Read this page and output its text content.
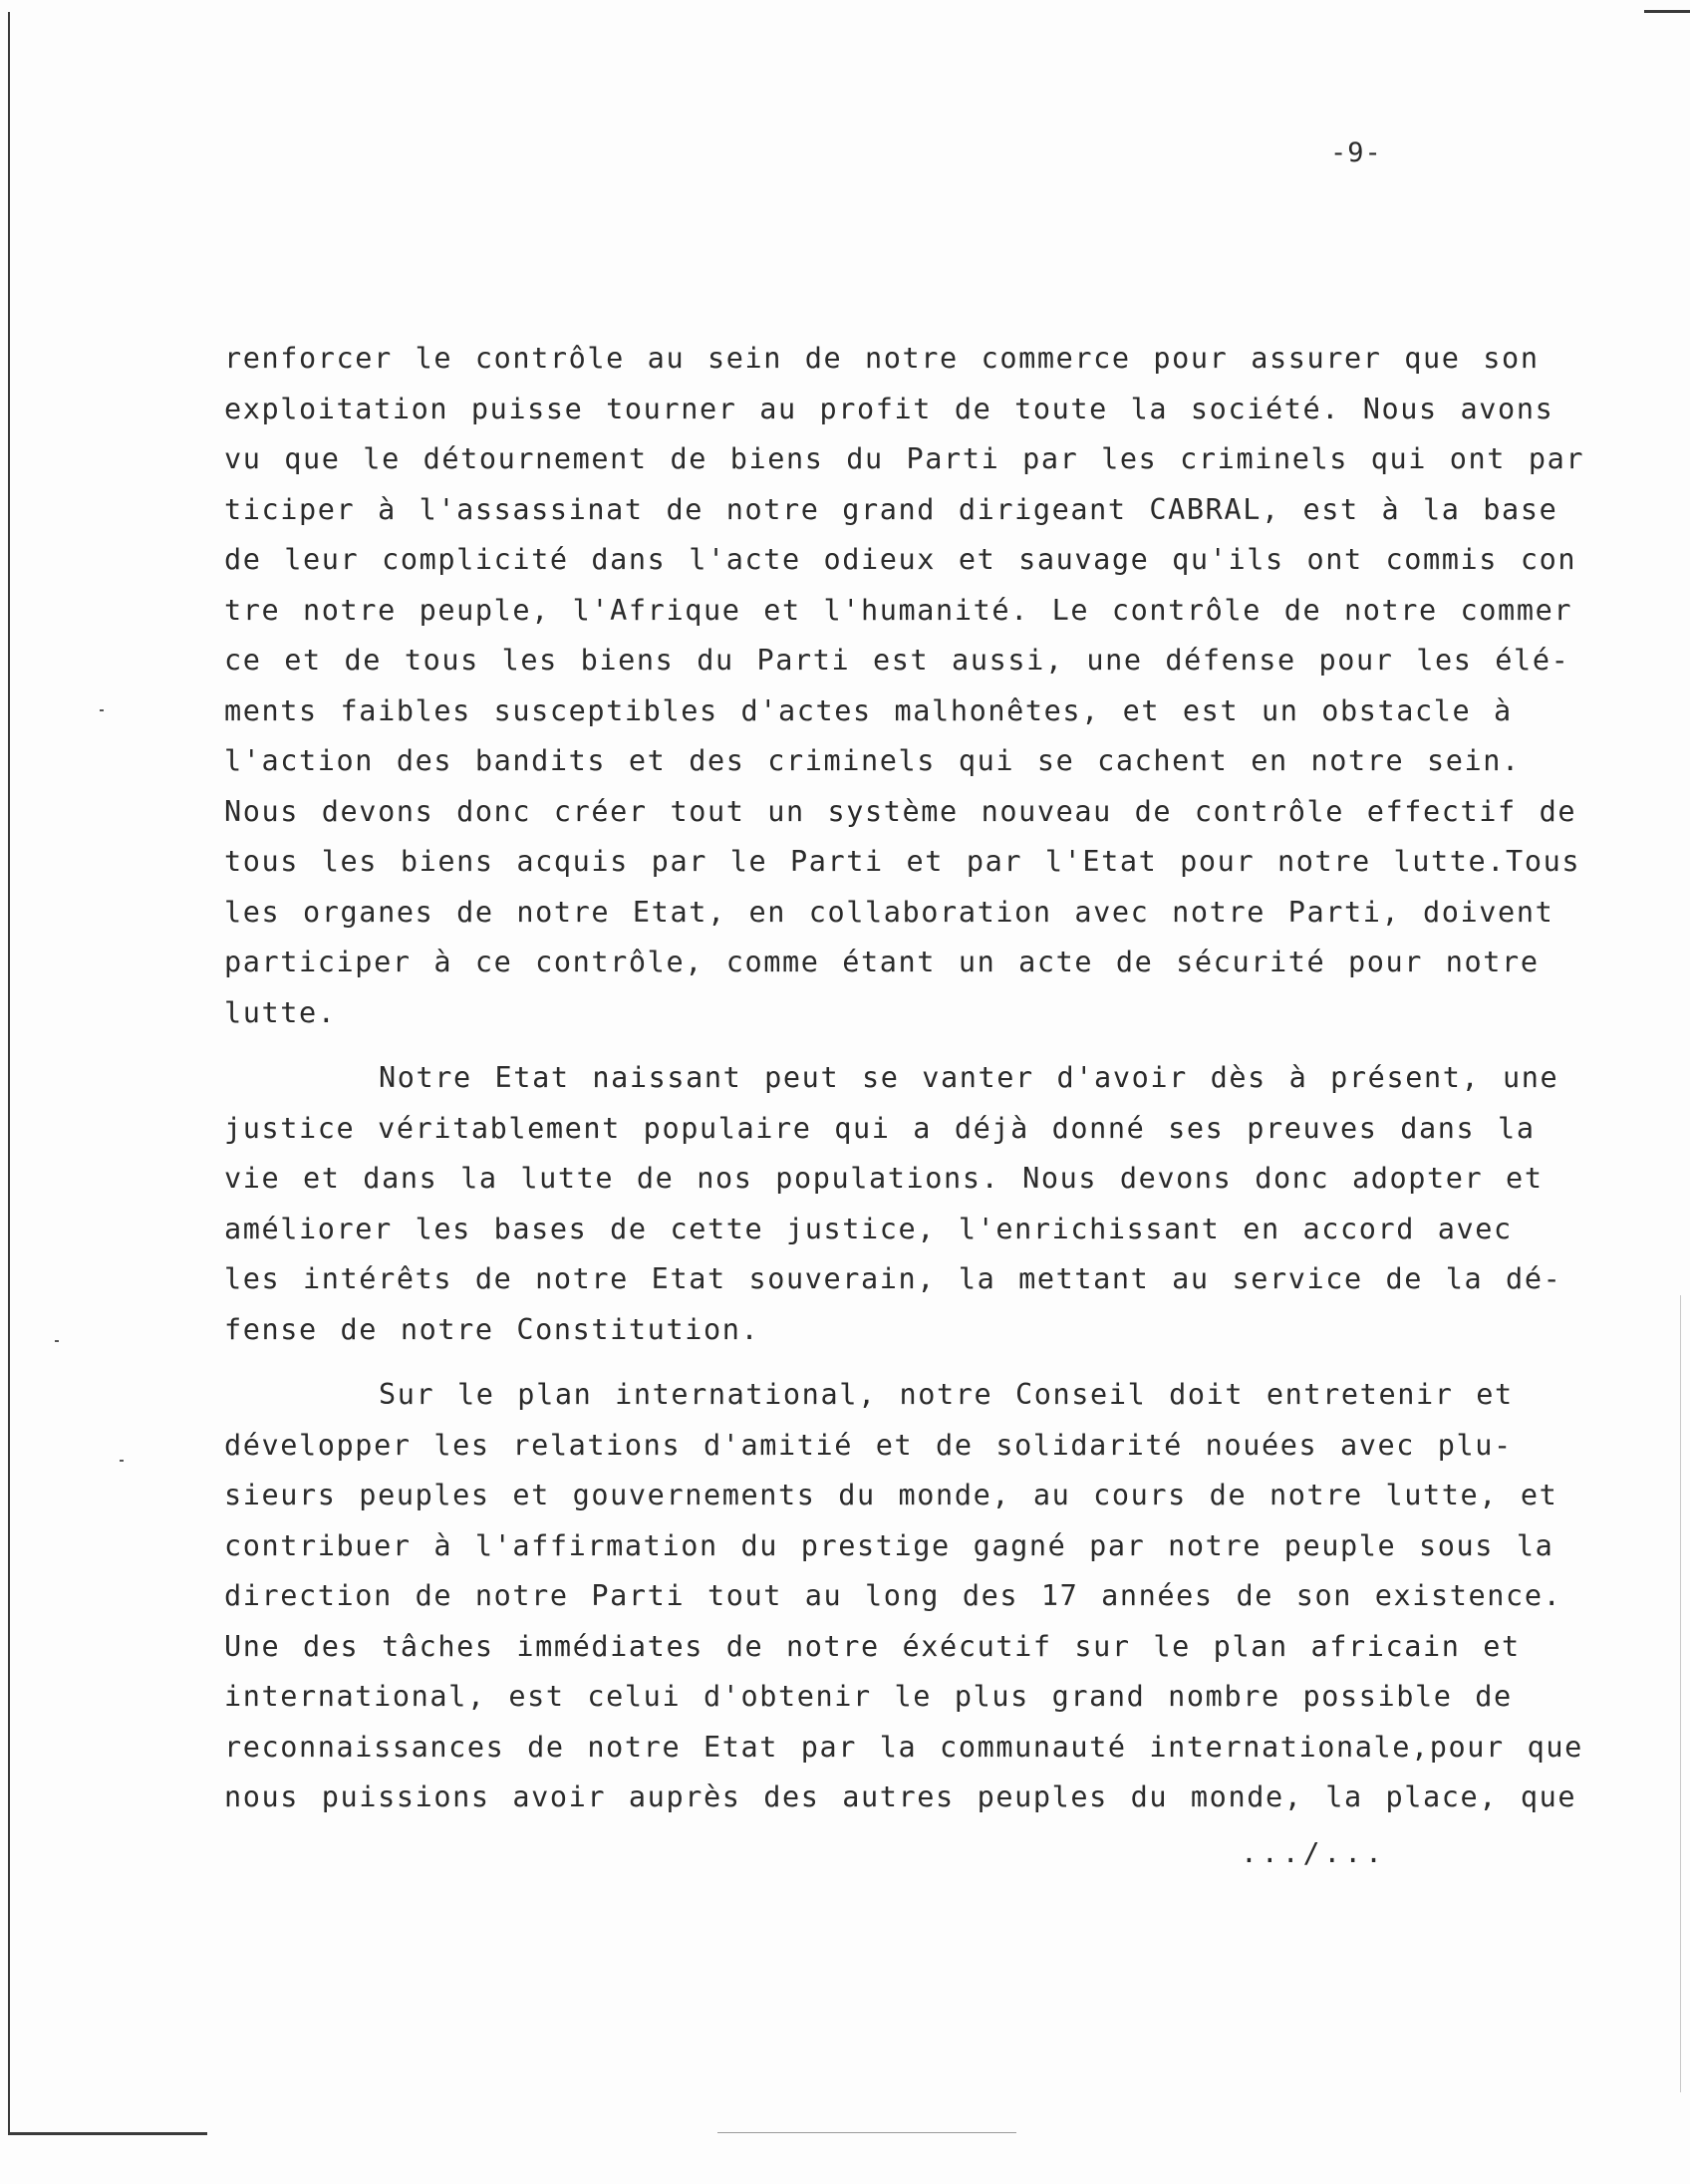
-9-
renforcer le contrôle au sein de notre commerce pour assurer que son
exploitation puisse tourner au profit de toute la société. Nous avons
vu que le détournement de biens du Parti par les criminels qui ont par
ticiper à l'assassinat de notre grand dirigeant CABRAL, est à la base
de leur complicité dans l'acte odieux et sauvage qu'ils ont commis con
tre notre peuple, l'Afrique et l'humanité. Le contrôle de notre commer
ce et de tous les biens du Parti est aussi, une défense pour les élé-
ments faibles susceptibles d'actes malhonêtes, et est un obstacle à
l'action des bandits et des criminels qui se cachent en notre sein.
Nous devons donc créer tout un système nouveau de contrôle effectif de
tous les biens acquis par le Parti et par l'Etat pour notre lutte.Tous
les organes de notre Etat, en collaboration avec notre Parti, doivent
participer à ce contrôle, comme étant un acte de sécurité pour notre
lutte.
Notre Etat naissant peut se vanter d'avoir dès à présent, une
justice véritablement populaire qui a déjà donné ses preuves dans la
vie et dans la lutte de nos populations. Nous devons donc adopter et
améliorer les bases de cette justice, l'enrichissant en accord avec
les intérêts de notre Etat souverain, la mettant au service de la dé-
fense de notre Constitution.
Sur le plan international, notre Conseil doit entretenir et
développer les relations d'amitié et de solidarité nouées avec plu-
sieurs peuples et gouvernements du monde, au cours de notre lutte, et
contribuer à l'affirmation du prestige gagné par notre peuple sous la
direction de notre Parti tout au long des 17 années de son existence.
Une des tâches immédiates de notre éxécutif sur le plan africain et
international, est celui d'obtenir le plus grand nombre possible de
reconnaissances de notre Etat par la communauté internationale,pour que
nous puissions avoir auprès des autres peuples du monde, la place, que
.../...
